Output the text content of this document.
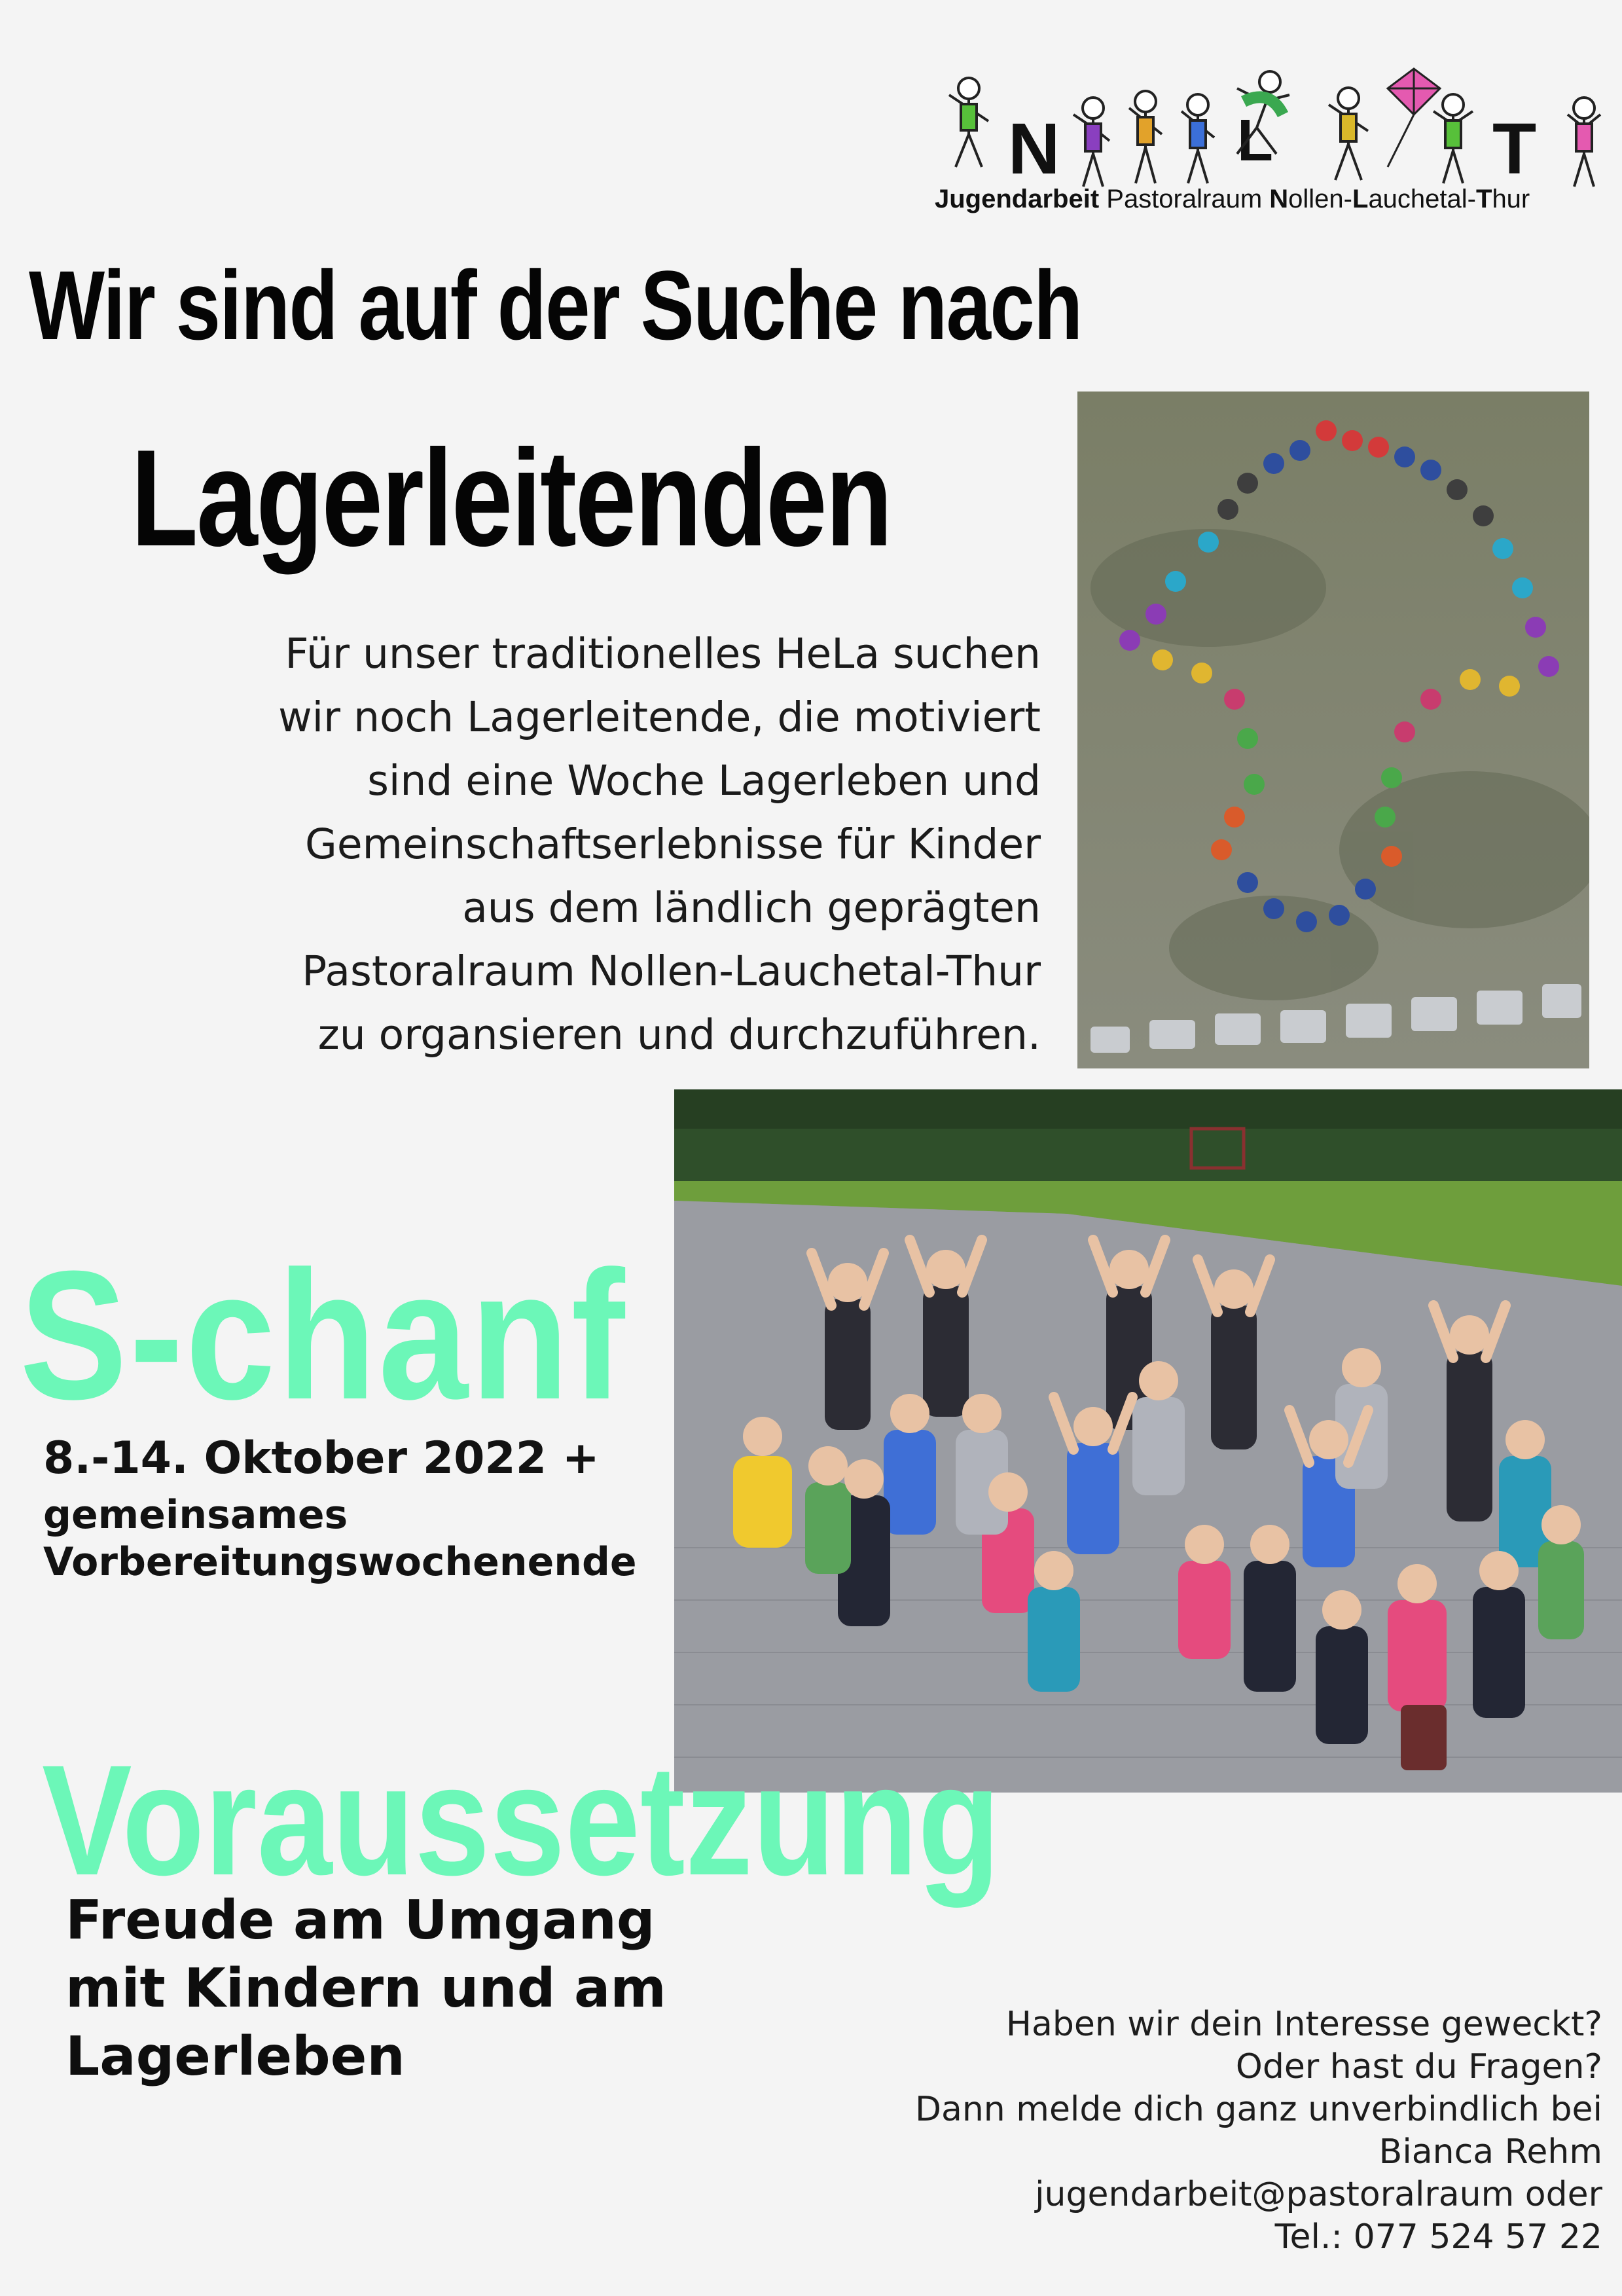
N	L	T
Jugendarbeit Pastoralraum Nollen-Lauchetal-Thur
Wir sind auf der Suche nach
Lagerleitenden
Für unser traditionelles HeLa suchen
wir noch Lagerleitende, die motiviert
sind eine Woche Lagerleben und
Gemeinschaftserlebnisse für Kinder
aus dem ländlich geprägten
Pastoralraum Nollen-Lauchetal-Thur
zu organsieren und durchzuführen.
S-chanf
8.-14. Oktober 2022 +
gemeinsames
Vorbereitungswochenende
Voraussetzung
Freude am Umgang
mit Kindern und am
Lagerleben
Haben wir dein Interesse geweckt?
Oder hast du Fragen?
Dann melde dich ganz unverbindlich bei
Bianca Rehm
jugendarbeit@pastoralraum oder
Tel.: 077 524 57 22
